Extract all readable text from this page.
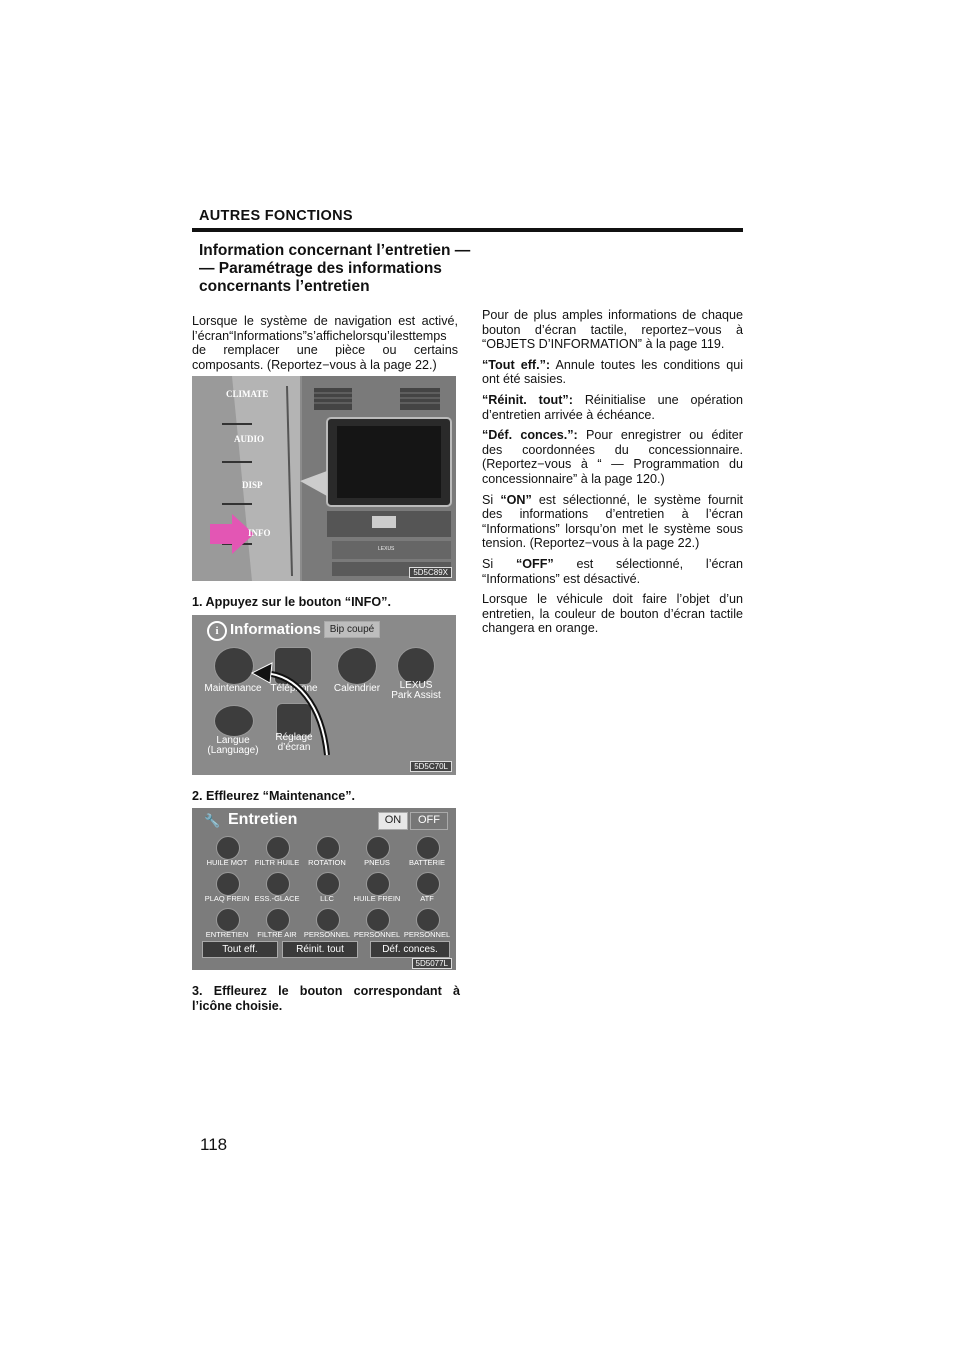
AUTRES FONCTIONS
Information concernant l’entretien —
— Paramétrage des informations
concernants l’entretien
Lorsque le système de navigation est activé, l’écran“Informations”s’affichelorsqu’ilesttemps de remplacer une pièce ou certains composants. (Reportez−vous à la page 22.)
CLIMATE
AUDIO
DISP
INFO
LEXUS
5D5C89X
1. Appuyez sur le bouton “INFO”.
i Informations Bip coupé
Maintenance Téléphone	Calendrier	LEXUS
Park Assist
Langue
(Language)
Réglage
d’écran
5D5C70L
2. Effleurez “Maintenance”.
🔧 Entretien	ON	OFF
HUILE MOT FILTR HUILE	ROTATION	PNEUS	BATTERIE
PLAQ FREIN ESS.-GLACE	LLC	HUILE FREIN	ATF
ENTRETIEN	FILTRE AIR PERSONNEL PERSONNEL PERSONNEL
Tout eff.	Réinit. tout	Déf. conces.
5D5077L
3. Effleurez le bouton correspondant à l’icône choisie.
Pour de plus amples informations de chaque bouton d’écran tactile, reportez−vous à “OBJETS D’INFORMATION” à la page 119.
“Tout eff.”: Annule toutes les conditions qui ont été saisies.
“Réinit. tout”: Réinitialise une opération d’entretien arrivée à échéance.
“Déf. conces.”: Pour enregistrer ou éditer des coordonnées du concessionnaire. (Reportez−vous à “ — Programmation du concessionnaire” à la page 120.)
Si “ON” est sélectionné, le système fournit des informations d’entretien à l’écran “Informations” lorsqu’on met le système sous tension. (Reportez−vous à la page 22.)
Si “OFF” est sélectionné, l’écran “Informations” est désactivé.
Lorsque le véhicule doit faire l’objet d’un entretien, la couleur de bouton d’écran tactile changera en orange.
118
